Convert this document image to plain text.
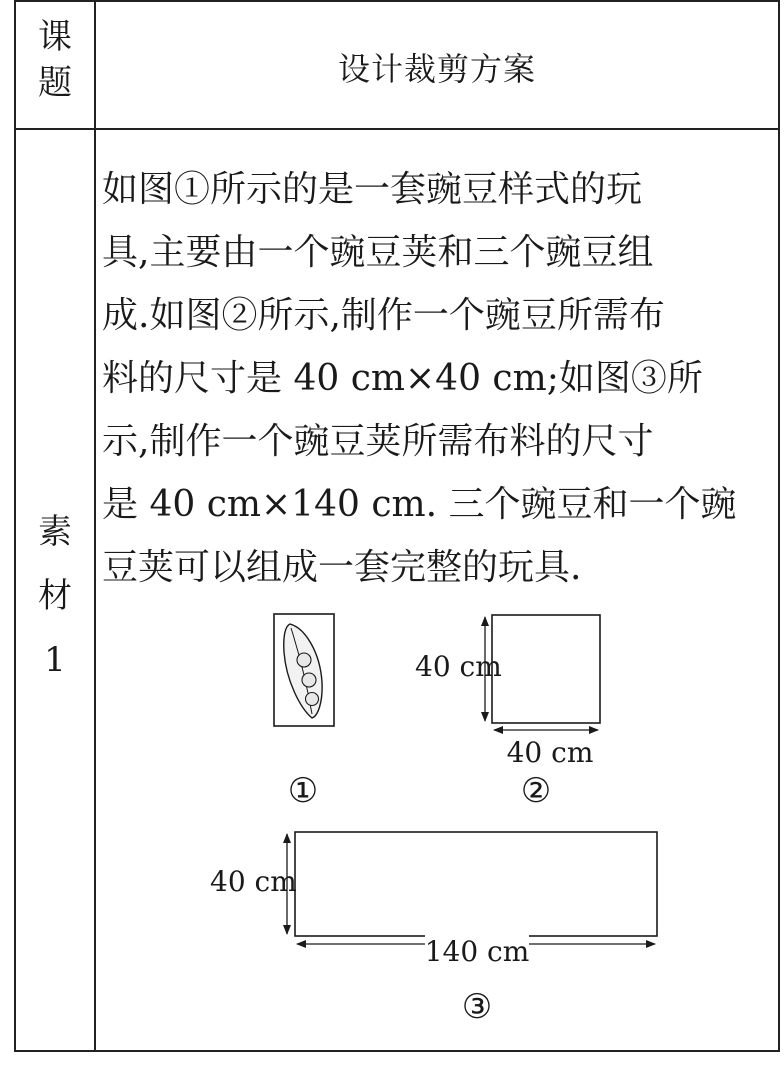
课
题	设计裁剪方案
素
材
1
如图①所示的是一套豌豆样式的玩
具,主要由一个豌豆荚和三个豌豆组
成.如图②所示,制作一个豌豆所需布
料的尺寸是 40 cm×40 cm;如图③所
示,制作一个豌豆荚所需布料的尺寸
是 40 cm×140 cm. 三个豌豆和一个豌
豆荚可以组成一套完整的玩具.
①
40 cm
40 cm
②
40 cm
140 cm
③
